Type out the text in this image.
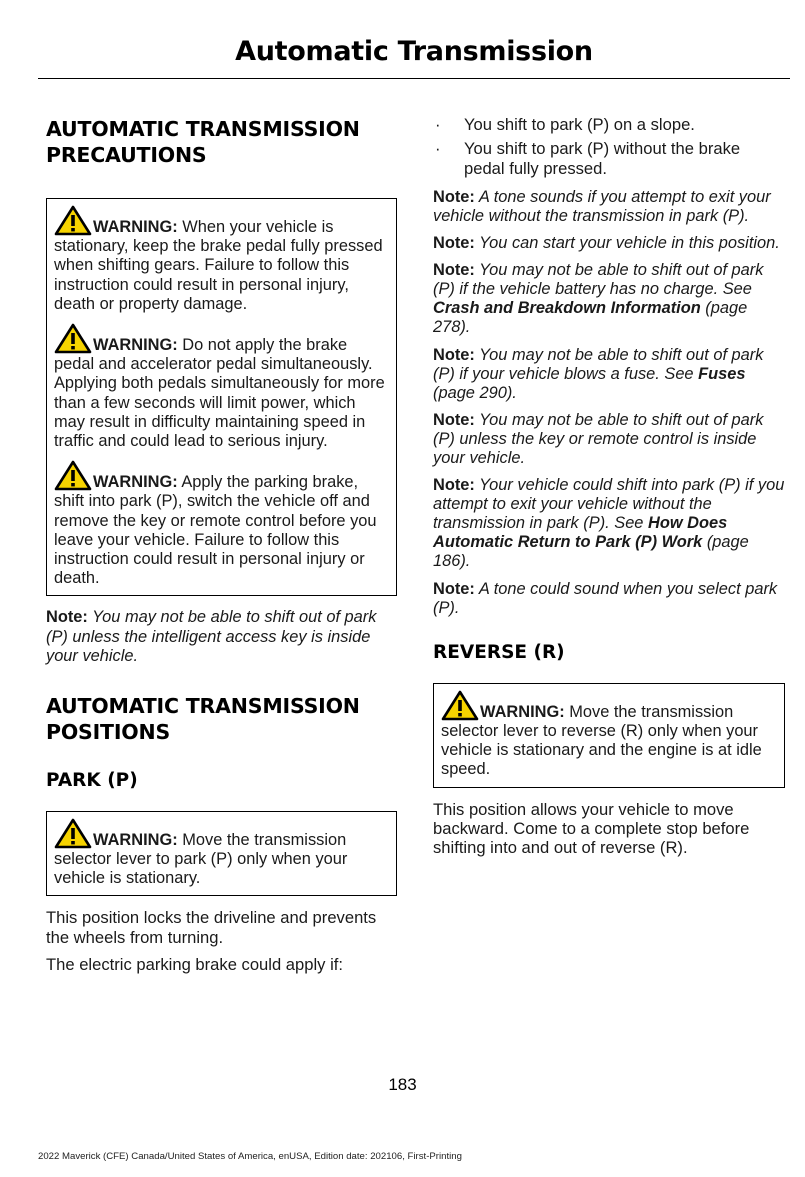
Automatic Transmission
AUTOMATIC TRANSMISSION PRECAUTIONS

WARNING: When your vehicle is stationary, keep the brake pedal fully pressed when shifting gears. Failure to follow this instruction could result in personal injury, death or property damage.

WARNING: Do not apply the brake pedal and accelerator pedal simultaneously. Applying both pedals simultaneously for more than a few seconds will limit power, which may result in difficulty maintaining speed in traffic and could lead to serious injury.

WARNING: Apply the parking brake, shift into park (P), switch the vehicle off and remove the key or remote control before you leave your vehicle. Failure to follow this instruction could result in personal injury or death.

Note: You may not be able to shift out of park (P) unless the intelligent access key is inside your vehicle.

AUTOMATIC TRANSMISSION POSITIONS
PARK (P)

WARNING: Move the transmission selector lever to park (P) only when your vehicle is stationary.

This position locks the driveline and prevents the wheels from turning.

The electric parking brake could apply if:

· You shift to park (P) on a slope.
· You shift to park (P) without the brake pedal fully pressed.

Note: A tone sounds if you attempt to exit your vehicle without the transmission in park (P).

Note: You can start your vehicle in this position.

Note: You may not be able to shift out of park (P) if the vehicle battery has no charge. See Crash and Breakdown Information (page 278).

Note: You may not be able to shift out of park (P) if your vehicle blows a fuse. See Fuses (page 290).

Note: You may not be able to shift out of park (P) unless the key or remote control is inside your vehicle.

Note: Your vehicle could shift into park (P) if you attempt to exit your vehicle without the transmission in park (P). See How Does Automatic Return to Park (P) Work (page 186).

Note: A tone could sound when you select park (P).

REVERSE (R)

WARNING: Move the transmission selector lever to reverse (R) only when your vehicle is stationary and the engine is at idle speed.

This position allows your vehicle to move backward. Come to a complete stop before shifting into and out of reverse (R).

183
2022 Maverick (CFE) Canada/United States of America, enUSA, Edition date: 202106, First-Printing
